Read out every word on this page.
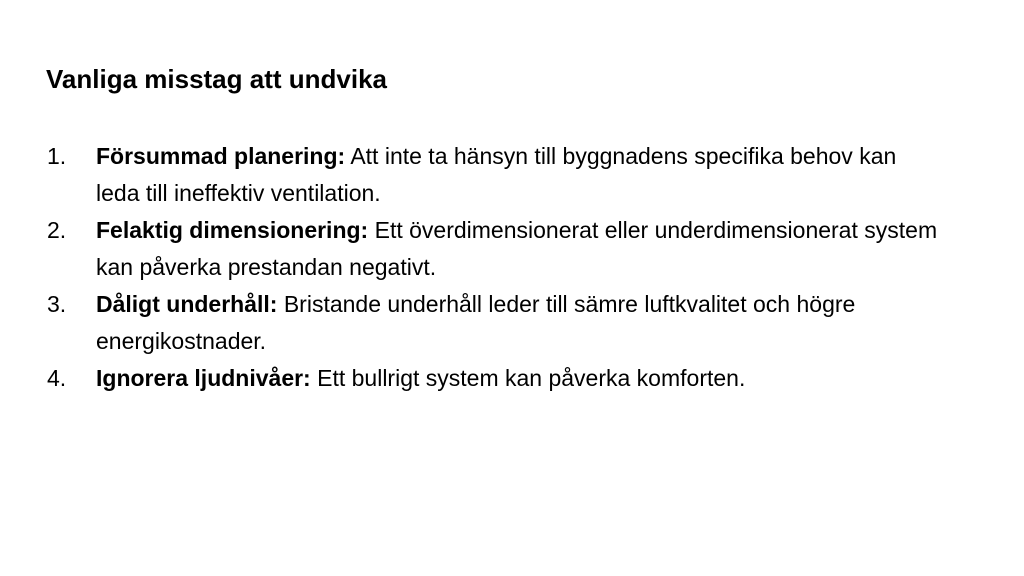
Vanliga misstag att undvika
1. Försummad planering: Att inte ta hänsyn till byggnadens specifika behov kan leda till ineffektiv ventilation.
2. Felaktig dimensionering: Ett överdimensionerat eller underdimensionerat system kan påverka prestandan negativt.
3. Dåligt underhåll: Bristande underhåll leder till sämre luftkvalitet och högre energikostnader.
4. Ignorera ljudnivåer: Ett bullrigt system kan påverka komforten.
